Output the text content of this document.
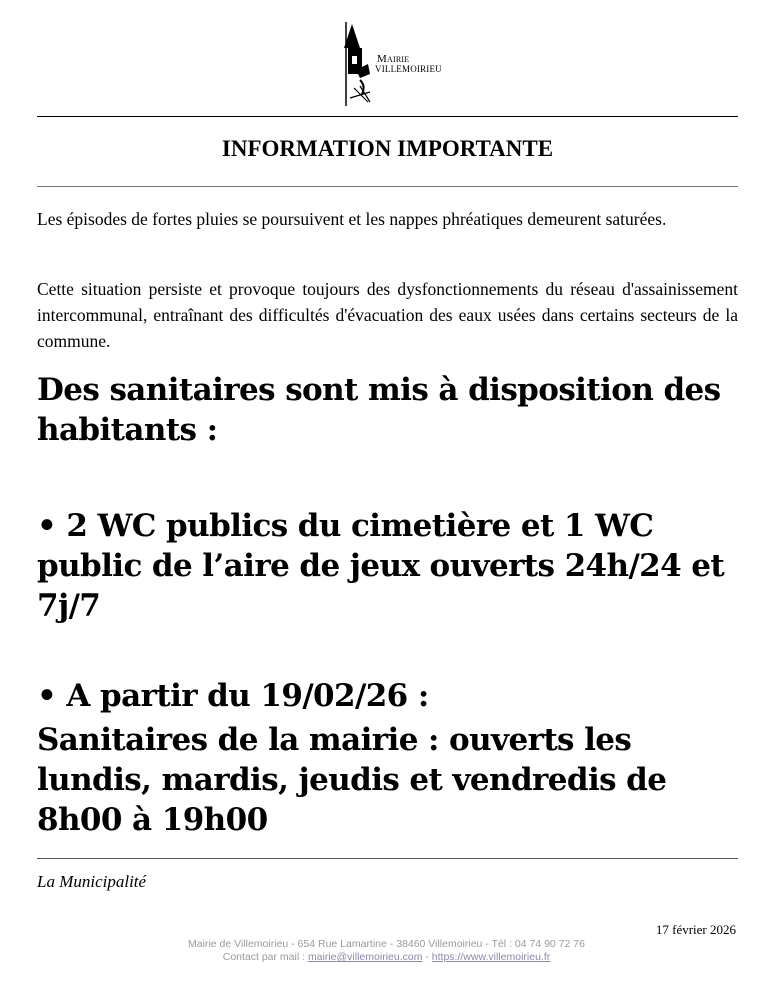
Mairie
VILLEMOIRIEU
INFORMATION IMPORTANTE

Les épisodes de fortes pluies se poursuivent et les nappes phréatiques demeurent saturées.

Cette situation persiste et provoque toujours des dysfonctionnements du réseau d'assainissement intercommunal, entraînant des difficultés d'évacuation des eaux usées dans certains secteurs de la commune.

Des sanitaires sont mis à disposition des habitants :
• 2 WC publics du cimetière et 1 WC public de l’aire de jeux ouverts 24h/24 et 7j/7
• A partir du 19/02/26 :
Sanitaires de la mairie : ouverts les lundis, mardis, jeudis et vendredis de 8h00 à 19h00
La Municipalité
17 février 2026
Mairie de Villemoirieu - 654 Rue Lamartine - 38460 Villemoirieu - Tél : 04 74 90 72 76
Contact par mail : mairie@villemoirieu.com - https://www.villemoirieu.fr
